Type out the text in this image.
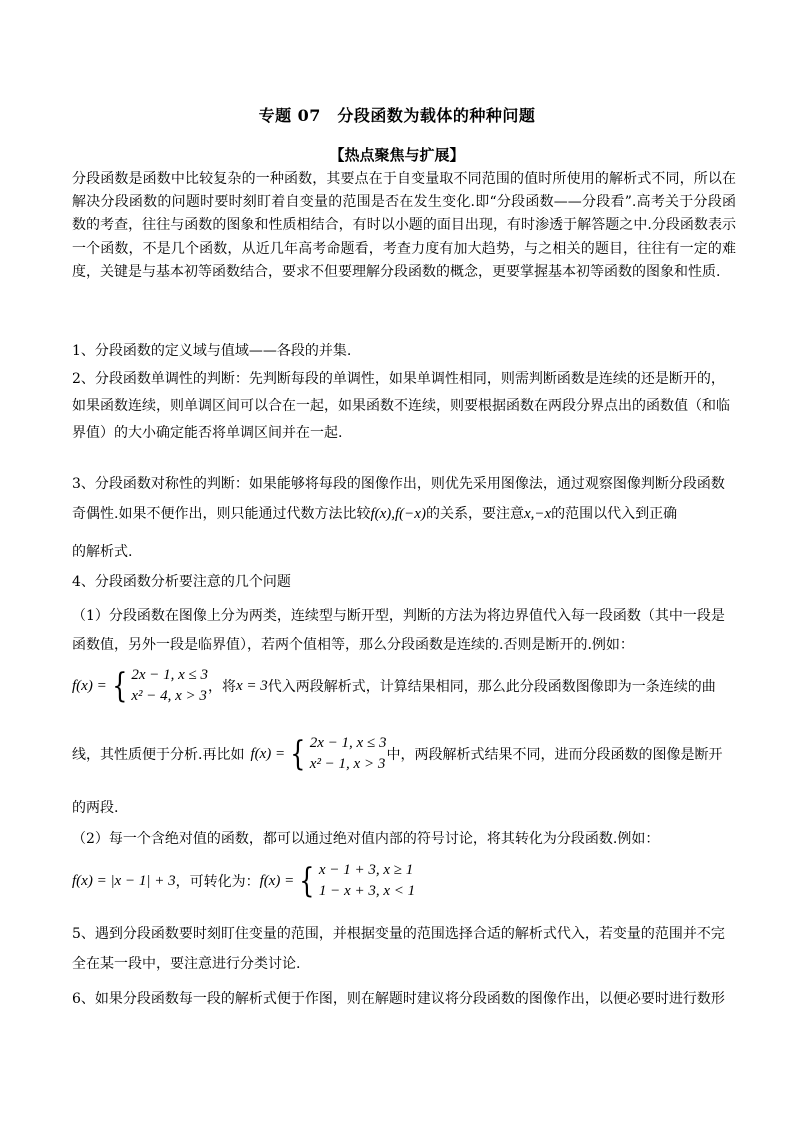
专题 07　分段函数为载体的种种问题
【热点聚焦与扩展】
分段函数是函数中比较复杂的一种函数，其要点在于自变量取不同范围的值时所使用的解析式不同，所以在解决分段函数的问题时要时刻盯着自变量的范围是否在发生变化.即“分段函数——分段看”.高考关于分段函数的考查，往往与函数的图象和性质相结合，有时以小题的面目出现，有时渗透于解答题之中.分段函数表示一个函数，不是几个函数，从近几年高考命题看，考查力度有加大趋势，与之相关的题目，往往有一定的难度，关键是与基本初等函数结合，要求不但要理解分段函数的概念，更要掌握基本初等函数的图象和性质.
1、分段函数的定义域与值域——各段的并集.
2、分段函数单调性的判断：先判断每段的单调性，如果单调性相同，则需判断函数是连续的还是断开的，如果函数连续，则单调区间可以合在一起，如果函数不连续，则要根据函数在两段分界点出的函数值（和临界值）的大小确定能否将单调区间并在一起.
3、分段函数对称性的判断：如果能够将每段的图像作出，则优先采用图像法，通过观察图像判断分段函数
奇偶性.如果不便作出，则只能通过代数方法比较f(x),f(−x)的关系，要注意x,−x的范围以代入到正确
的解析式.
4、分段函数分析要注意的几个问题
（1）分段函数在图像上分为两类，连续型与断开型，判断的方法为将边界值代入每一段函数（其中一段是
函数值，另外一段是临界值），若两个值相等，那么分段函数是连续的.否则是断开的.例如：
f(x) = { 2x − 1, x ≤ 3
x² − 4, x > 3
，将 x = 3 代入两段解析式，计算结果相同，那么此分段函数图像即为一条连续的曲
线，其性质便于分析.再比如 f(x) = { 2x − 1, x ≤ 3
x² − 1, x > 3
中，两段解析式结果不同，进而分段函数的图像是断开
的两段.
（2）每一个含绝对值的函数，都可以通过绝对值内部的符号讨论，将其转化为分段函数.例如：
f(x) = |x − 1| + 3 ，可转化为： f(x) = { x − 1 + 3, x ≥ 1
1 − x + 3, x < 1
5、遇到分段函数要时刻盯住变量的范围，并根据变量的范围选择合适的解析式代入，若变量的范围并不完
全在某一段中，要注意进行分类讨论.
6、如果分段函数每一段的解析式便于作图，则在解题时建议将分段函数的图像作出，以便必要时进行数形
